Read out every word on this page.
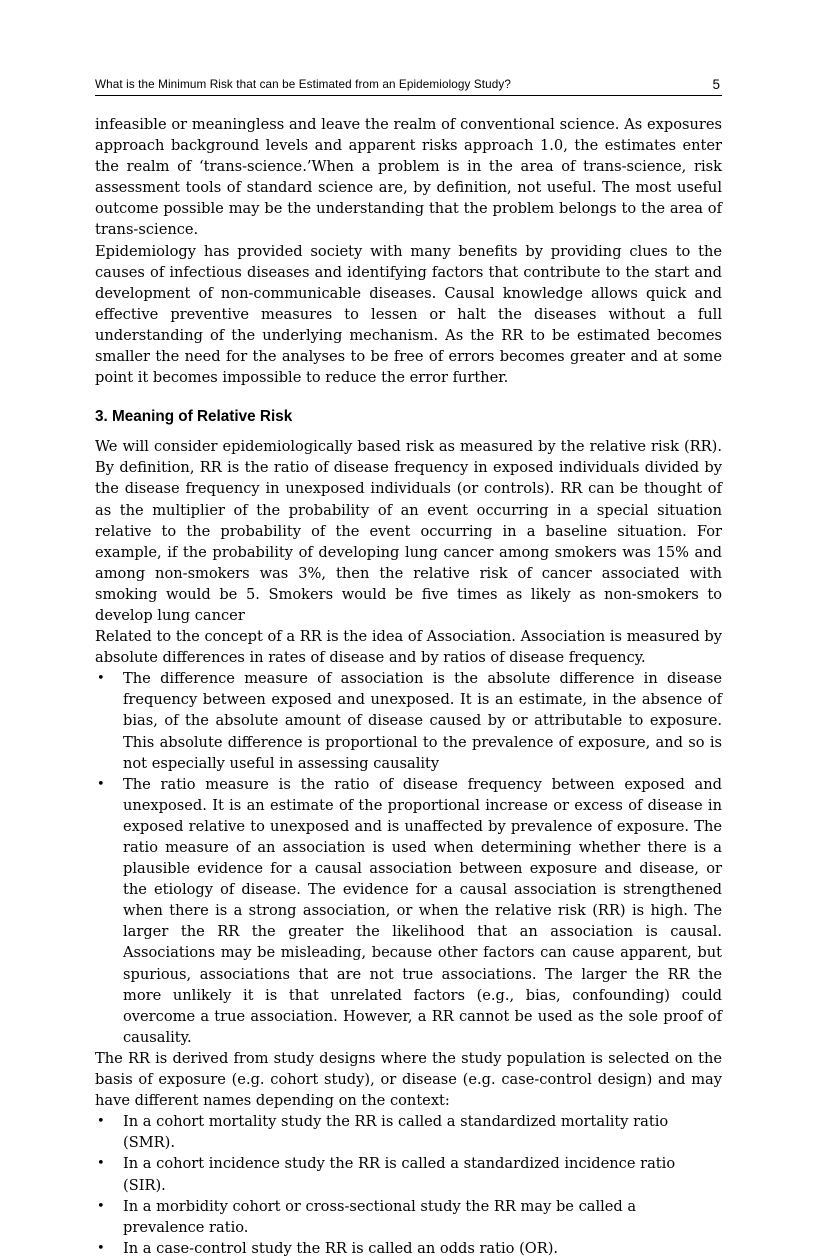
What is the Minimum Risk that can be Estimated from an Epidemiology Study?	5

infeasible or meaningless and leave the realm of conventional science. As exposures approach background levels and apparent risks approach 1.0, the estimates enter the realm of ‘trans-science.’When a problem is in the area of trans-science, risk assessment tools of standard science are, by definition, not useful. The most useful outcome possible may be the understanding that the problem belongs to the area of trans-science.

Epidemiology has provided society with many benefits by providing clues to the causes of infectious diseases and identifying factors that contribute to the start and development of non-communicable diseases. Causal knowledge allows quick and effective preventive measures to lessen or halt the diseases without a full understanding of the underlying mechanism. As the RR to be estimated becomes smaller the need for the analyses to be free of errors becomes greater and at some point it becomes impossible to reduce the error further.

3. Meaning of Relative Risk

We will consider epidemiologically based risk as measured by the relative risk (RR). By definition, RR is the ratio of disease frequency in exposed individuals divided by the disease frequency in unexposed individuals (or controls). RR can be thought of as the multiplier of the probability of an event occurring in a special situation relative to the probability of the event occurring in a baseline situation. For example, if the probability of developing lung cancer among smokers was 15% and among non-smokers was 3%, then the relative risk of cancer associated with smoking would be 5. Smokers would be five times as likely as non-smokers to develop lung cancer

Related to the concept of a RR is the idea of Association. Association is measured by absolute differences in rates of disease and by ratios of disease frequency.

• The difference measure of association is the absolute difference in disease frequency between exposed and unexposed. It is an estimate, in the absence of bias, of the absolute amount of disease caused by or attributable to exposure. This absolute difference is proportional to the prevalence of exposure, and so is not especially useful in assessing causality
• The ratio measure is the ratio of disease frequency between exposed and unexposed. It is an estimate of the proportional increase or excess of disease in exposed relative to unexposed and is unaffected by prevalence of exposure. The ratio measure of an association is used when determining whether there is a plausible evidence for a causal association between exposure and disease, or the etiology of disease. The evidence for a causal association is strengthened when there is a strong association, or when the relative risk (RR) is high. The larger the RR the greater the likelihood that an association is causal. Associations may be misleading, because other factors can cause apparent, but spurious, associations that are not true associations. The larger the RR the more unlikely it is that unrelated factors (e.g., bias, confounding) could overcome a true association. However, a RR cannot be used as the sole proof of causality.

The RR is derived from study designs where the study population is selected on the basis of exposure (e.g. cohort study), or disease (e.g. case-control design) and may have different names depending on the context:

• In a cohort mortality study the RR is called a standardized mortality ratio (SMR).
• In a cohort incidence study the RR is called a standardized incidence ratio (SIR).
• In a morbidity cohort or cross-sectional study the RR may be called a prevalence ratio.
• In a case-control study the RR is called an odds ratio (OR).
